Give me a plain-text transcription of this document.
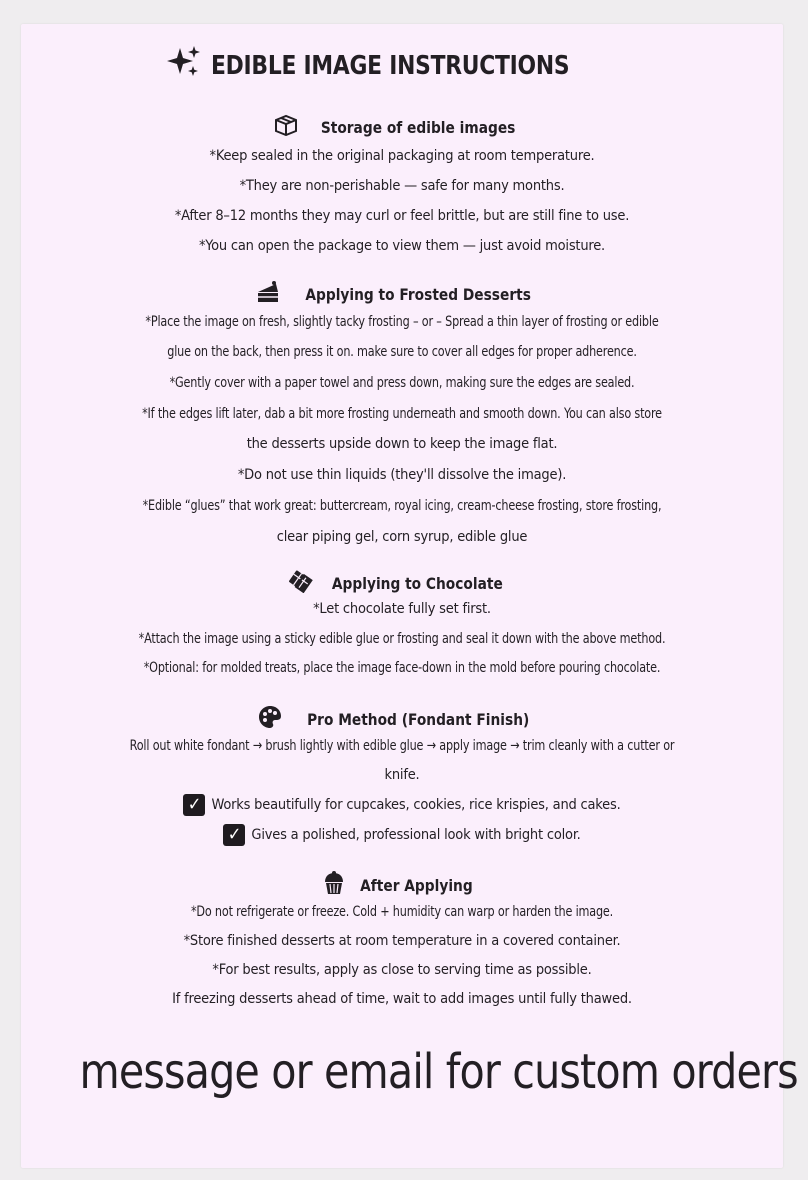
EDIBLE IMAGE INSTRUCTIONS
Storage of edible images
*Keep sealed in the original packaging at room temperature.
*They are non-perishable — safe for many months.
*After 8–12 months they may curl or feel brittle, but are still fine to use.
*You can open the package to view them — just avoid moisture.
Applying to Frosted Desserts
*Place the image on fresh, slightly tacky frosting – or – Spread a thin layer of frosting or edible
glue on the back, then press it on. make sure to cover all edges for proper adherence.
*Gently cover with a paper towel and press down, making sure the edges are sealed.
*If the edges lift later, dab a bit more frosting underneath and smooth down. You can also store
the desserts upside down to keep the image flat.
*Do not use thin liquids (they'll dissolve the image).
*Edible “glues” that work great: buttercream, royal icing, cream-cheese frosting, store frosting,
clear piping gel, corn syrup, edible glue
Applying to Chocolate
*Let chocolate fully set first.
*Attach the image using a sticky edible glue or frosting and seal it down with the above method.
*Optional: for molded treats, place the image face-down in the mold before pouring chocolate.
Pro Method (Fondant Finish)
Roll out white fondant → brush lightly with edible glue → apply image → trim cleanly with a cutter or
knife.
✓ Works beautifully for cupcakes, cookies, rice krispies, and cakes.
✓ Gives a polished, professional look with bright color.
After Applying
*Do not refrigerate or freeze. Cold + humidity can warp or harden the image.
*Store finished desserts at room temperature in a covered container.
*For best results, apply as close to serving time as possible.
If freezing desserts ahead of time, wait to add images until fully thawed.
message or email for custom orders
